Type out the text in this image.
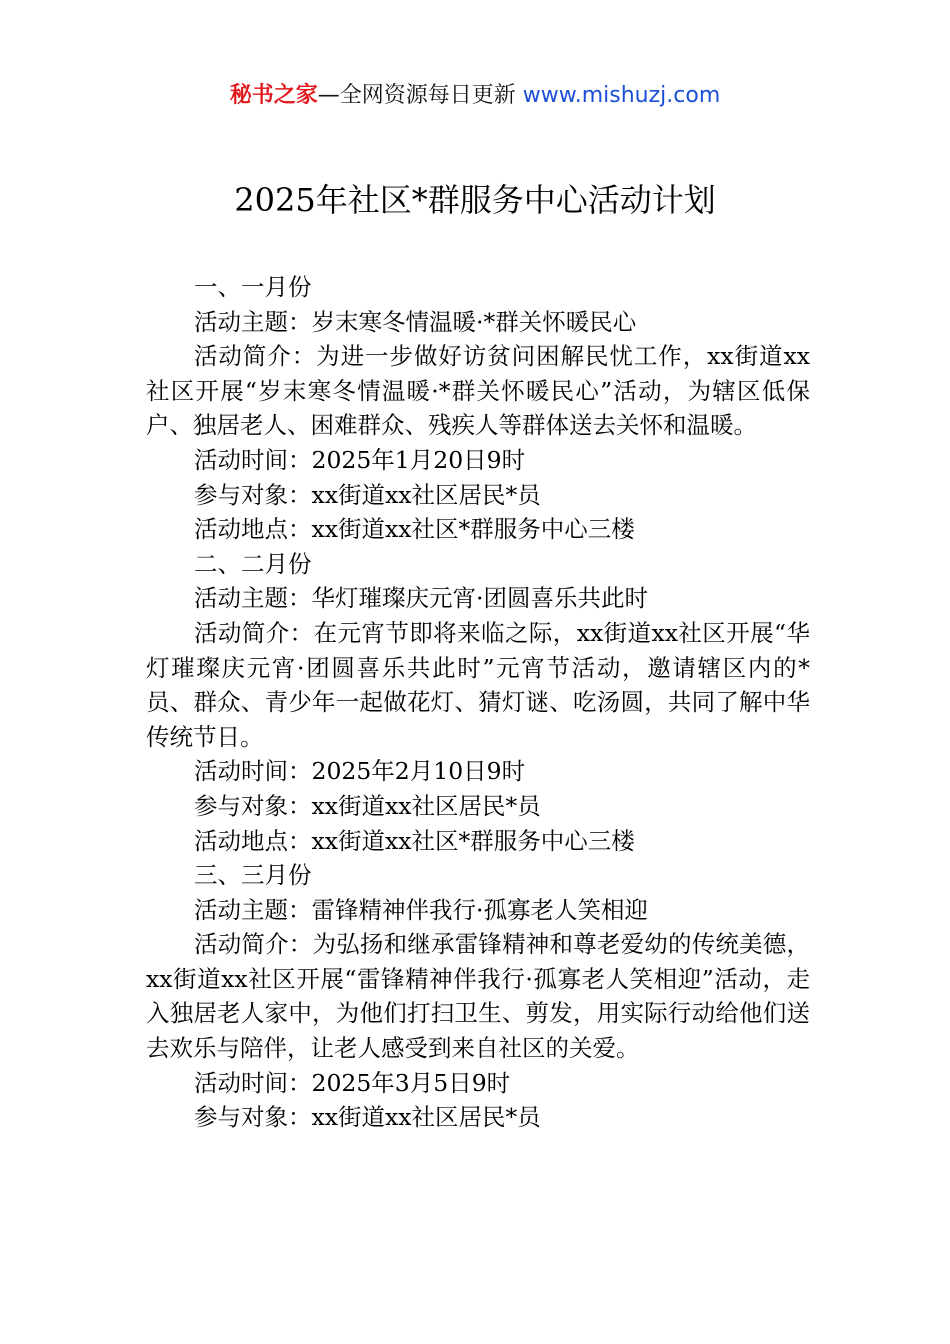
秘书之家—全网资源每日更新 www.mishuzj.com
2025年社区*群服务中心活动计划

一、一月份

活动主题：岁末寒冬情温暖·*群关怀暖民心

活动简介：为进一步做好访贫问困解民忧工作，xx街道xx社区开展“岁末寒冬情温暖·*群关怀暖民心”活动，为辖区低保户、独居老人、困难群众、残疾人等群体送去关怀和温暖。

活动时间：2025年1月20日9时

参与对象：xx街道xx社区居民*员

活动地点：xx街道xx社区*群服务中心三楼

二、二月份

活动主题：华灯璀璨庆元宵·团圆喜乐共此时

活动简介：在元宵节即将来临之际，xx街道xx社区开展“华灯璀璨庆元宵·团圆喜乐共此时”元宵节活动，邀请辖区内的*员、群众、青少年一起做花灯、猜灯谜、吃汤圆，共同了解中华传统节日。

活动时间：2025年2月10日9时

参与对象：xx街道xx社区居民*员

活动地点：xx街道xx社区*群服务中心三楼

三、三月份

活动主题：雷锋精神伴我行·孤寡老人笑相迎

活动简介：为弘扬和继承雷锋精神和尊老爱幼的传统美德，xx街道xx社区开展“雷锋精神伴我行·孤寡老人笑相迎”活动，走入独居老人家中，为他们打扫卫生、剪发，用实际行动给他们送去欢乐与陪伴，让老人感受到来自社区的关爱。

活动时间：2025年3月5日9时

参与对象：xx街道xx社区居民*员
